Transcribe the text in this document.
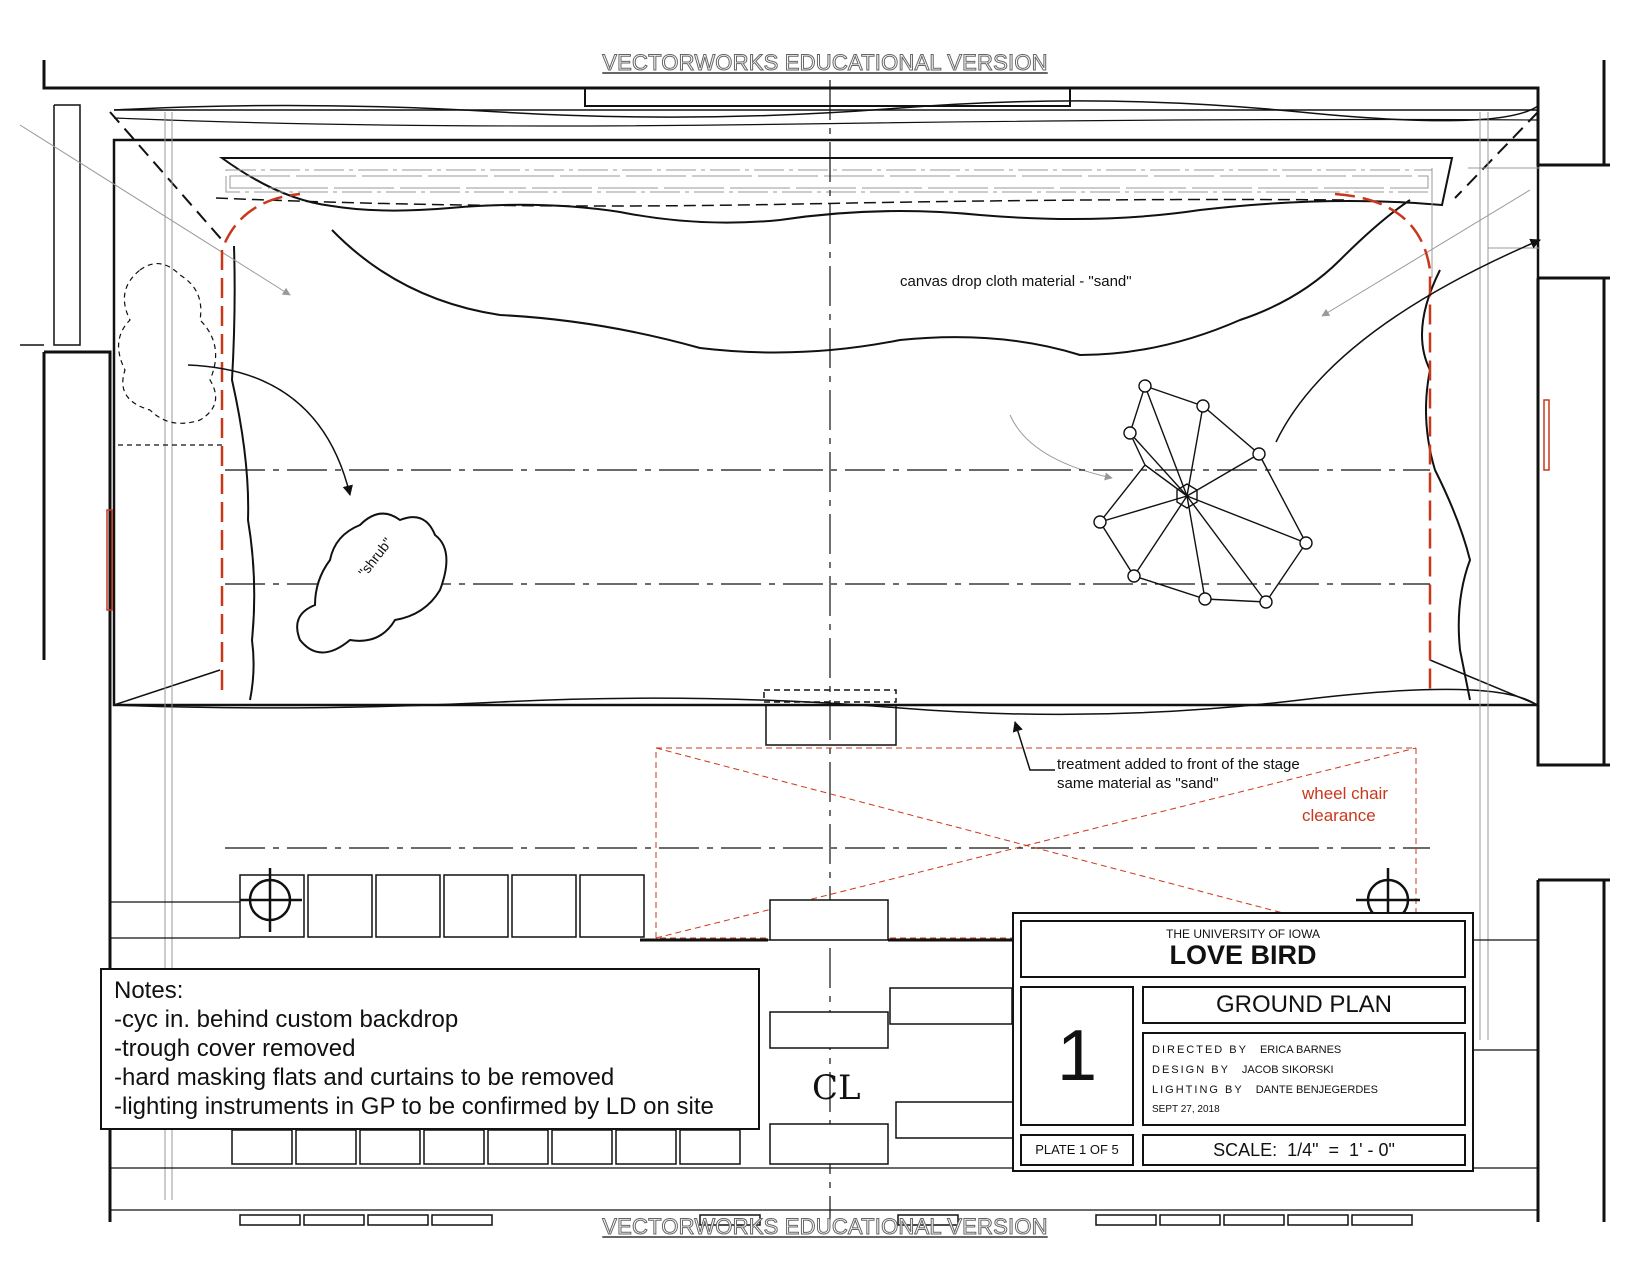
VECTORWORKS EDUCATIONAL VERSION
VECTORWORKS EDUCATIONAL VERSION
canvas drop cloth material - "sand"
"shrub"
treatment added to front of the stage
same material as "sand"
wheel chair
clearance
CL
Notes:
-cyc in. behind custom backdrop
-trough cover removed
-hard masking flats and curtains to be removed
-lighting instruments in GP to be confirmed by LD on site
THE UNIVERSITY OF IOWA
LOVE BIRD
1
GROUND PLAN
DIRECTED BY ERICA BARNES
DESIGN BY JACOB SIKORSKI
LIGHTING BY DANTE BENJEGERDES
SEPT 27, 2018
PLATE 1 OF 5	SCALE:  1/4"  =  1' - 0"
